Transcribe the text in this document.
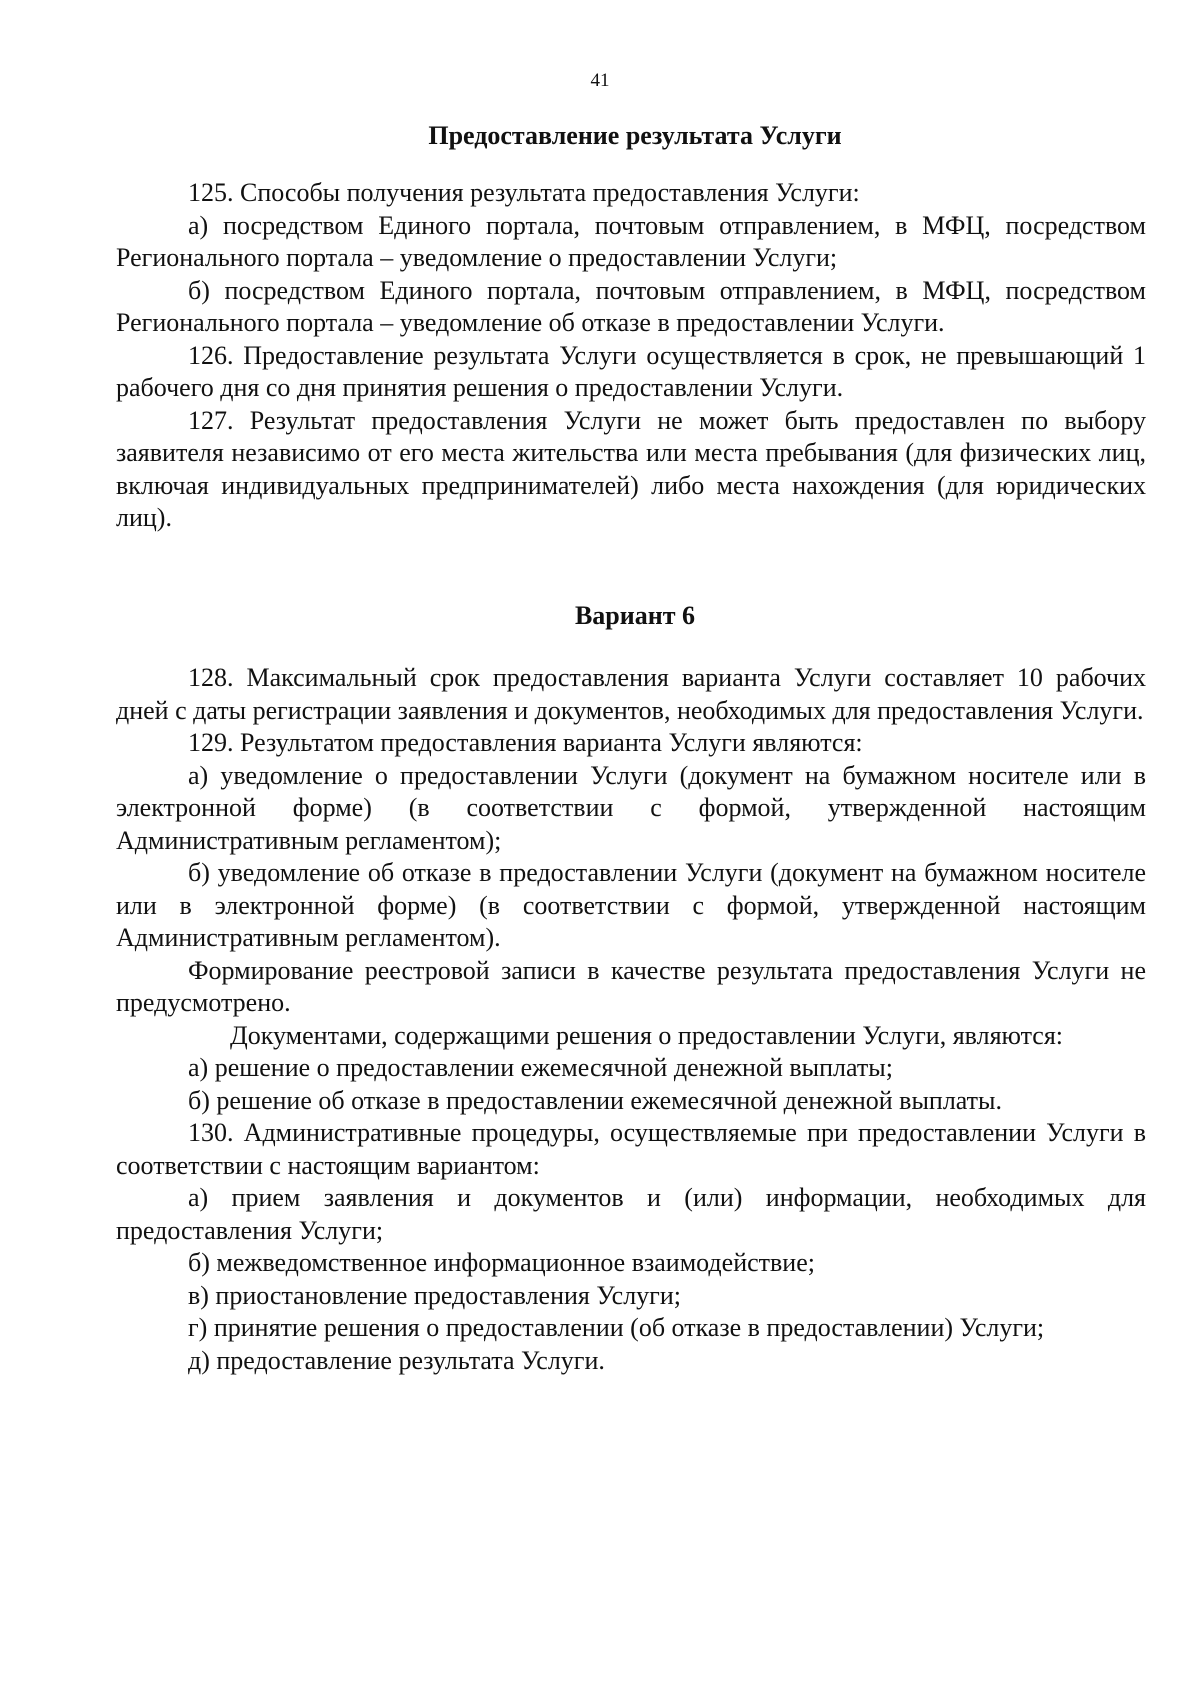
41
Предоставление результата Услуги

125. Способы получения результата предоставления Услуги:

а) посредством Единого портала, почтовым отправлением, в МФЦ, посредством Регионального портала – уведомление о предоставлении Услуги;

б) посредством Единого портала, почтовым отправлением, в МФЦ, посредством Регионального портала – уведомление об отказе в предоставлении Услуги.

126. Предоставление результата Услуги осуществляется в срок, не превышающий 1 рабочего дня со дня принятия решения о предоставлении Услуги.

127. Результат предоставления Услуги не может быть предоставлен по выбору заявителя независимо от его места жительства или места пребывания (для физических лиц, включая индивидуальных предпринимателей) либо места нахождения (для юридических лиц).

Вариант 6

128. Максимальный срок предоставления варианта Услуги составляет 10 рабочих дней с даты регистрации заявления и документов, необходимых для предоставления Услуги.

129. Результатом предоставления варианта Услуги являются:

а) уведомление о предоставлении Услуги (документ на бумажном носителе или в электронной форме) (в соответствии с формой, утвержденной настоящим Административным регламентом);

б) уведомление об отказе в предоставлении Услуги (документ на бумажном носителе или в электронной форме) (в соответствии с формой, утвержденной настоящим Административным регламентом).

Формирование реестровой записи в качестве результата предоставления Услуги не предусмотрено.

Документами, содержащими решения о предоставлении Услуги, являются:

а) решение о предоставлении ежемесячной денежной выплаты;

б) решение об отказе в предоставлении ежемесячной денежной выплаты.

130. Административные процедуры, осуществляемые при предоставлении Услуги в соответствии с настоящим вариантом:

а) прием заявления и документов и (или) информации, необходимых для предоставления Услуги;

б) межведомственное информационное взаимодействие;

в) приостановление предоставления Услуги;

г) принятие решения о предоставлении (об отказе в предоставлении) Услуги;

д) предоставление результата Услуги.
